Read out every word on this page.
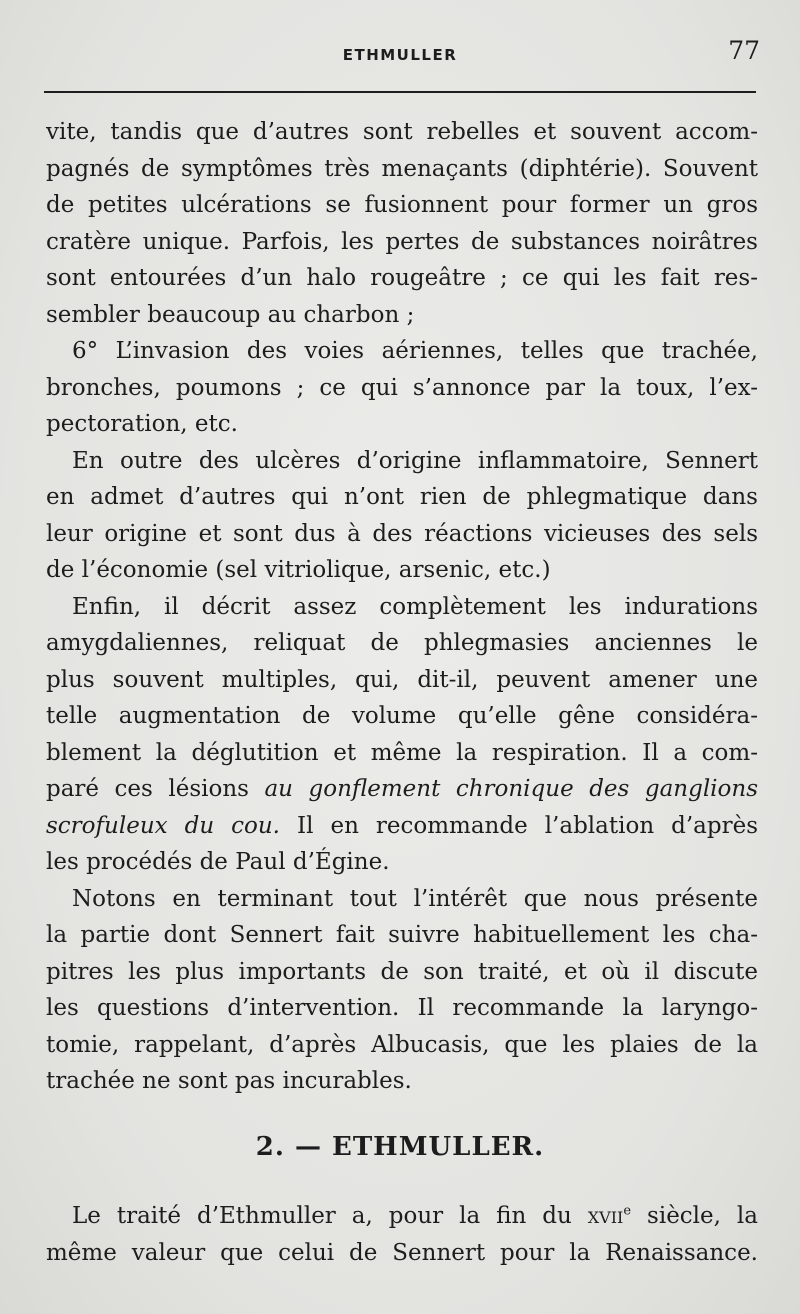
ETHMULLER	77
vite, tandis que d’autres sont rebelles et souvent accom-
pagnés de symptômes très menaçants (diphtérie). Souvent
de petites ulcérations se fusionnent pour former un gros
cratère unique. Parfois, les pertes de substances noirâtres
sont entourées d’un halo rougeâtre ; ce qui les fait res-
sembler beaucoup au charbon ;
6° L’invasion des voies aériennes, telles que trachée,
bronches, poumons ; ce qui s’annonce par la toux, l’ex-
pectoration, etc.
En outre des ulcères d’origine inflammatoire, Sennert
en admet d’autres qui n’ont rien de phlegmatique dans
leur origine et sont dus à des réactions vicieuses des sels
de l’économie (sel vitriolique, arsenic, etc.)
Enfin, il décrit assez complètement les indurations
amygdaliennes, reliquat de phlegmasies anciennes le
plus souvent multiples, qui, dit-il, peuvent amener une
telle augmentation de volume qu’elle gêne considéra-
blement la déglutition et même la respiration. Il a com-
paré ces lésions au gonflement chronique des ganglions
scrofuleux du cou. Il en recommande l’ablation d’après
les procédés de Paul d’Égine.
Notons en terminant tout l’intérêt que nous présente
la partie dont Sennert fait suivre habituellement les cha-
pitres les plus importants de son traité, et où il discute
les questions d’intervention. Il recommande la laryngo-
tomie, rappelant, d’après Albucasis, que les plaies de la
trachée ne sont pas incurables.
2. — ETHMULLER.
Le traité d’Ethmuller a, pour la fin du xvii$^e$ siècle, la
même valeur que celui de Sennert pour la Renaissance.
